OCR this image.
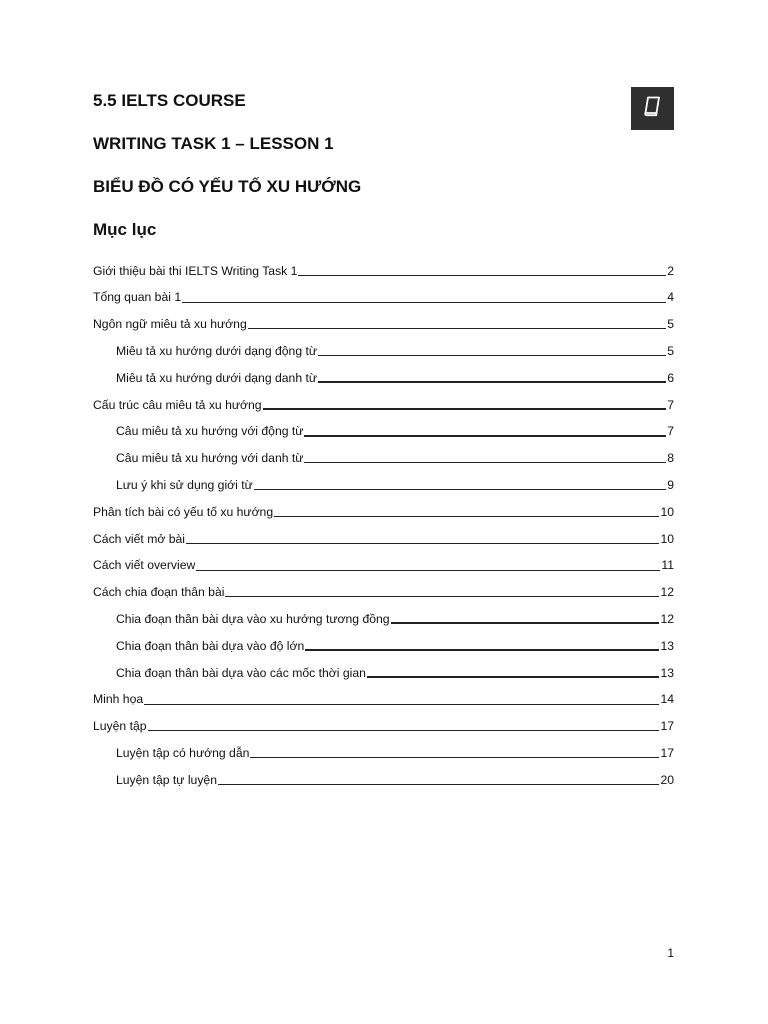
5.5 IELTS COURSE
WRITING TASK 1 – LESSON 1
BIỂU ĐỒ CÓ YẾU TỐ XU HƯỚNG
Mục lục
Giới thiệu bài thi IELTS Writing Task 1	2
Tổng quan bài 1	4
Ngôn ngữ miêu tả xu hướng	5
Miêu tả xu hướng dưới dạng động từ	5
Miêu tả xu hướng dưới dạng danh từ	6
Cấu trúc câu miêu tả xu hướng	7
Câu miêu tả xu hướng với động từ	7
Câu miêu tả xu hướng với danh từ	8
Lưu ý khi sử dụng giới từ	9
Phân tích bài có yếu tố xu hướng	10
Cách viết mở bài	10
Cách viết overview	11
Cách chia đoạn thân bài	12
Chia đoạn thân bài dựa vào xu hướng tương đồng	12
Chia đoạn thân bài dựa vào độ lớn	13
Chia đoạn thân bài dựa vào các mốc thời gian	13
Minh họa	14
Luyện tập	17
Luyện tập có hướng dẫn	17
Luyện tập tự luyện	20
1
